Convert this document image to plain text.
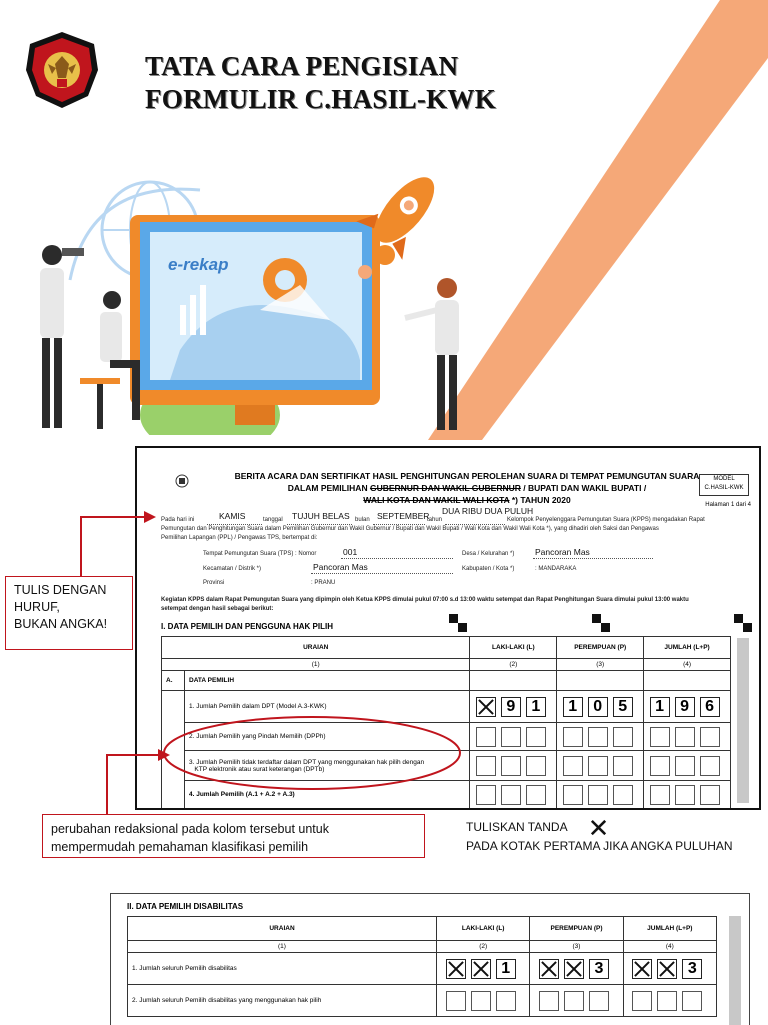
TATA CARA PENGISIAN
FORMULIR C.HASIL-KWK
e-rekap
BERITA ACARA DAN SERTIFIKAT HASIL PENGHITUNGAN PEROLEHAN SUARA DI TEMPAT PEMUNGUTAN SUARA
DALAM PEMILIHAN GUBERNUR DAN WAKIL GUBERNUR / BUPATI DAN WAKIL BUPATI /
WALI KOTA DAN WAKIL WALI KOTA *) TAHUN 2020
MODEL
C.HASIL-KWK
Halaman 1 dari 4
KAMIS	TUJUH BELAS	SEPTEMBER DUA RIBU DUA PULUH
Pada hari ini	tanggal	bulan	tahun	Kelompok Penyelenggara Pemungutan Suara (KPPS) mengadakan Rapat
Pemungutan dan Penghitungan Suara dalam Pemilihan Gubernur dan Wakil Gubernur / Bupati dan Wakil Bupati / Wali Kota dan Wakil Wali Kota *), yang dihadiri oleh Saksi dan Pengawas
Pemilihan Lapangan (PPL) / Pengawas TPS, bertempat di:
Tempat Pemungutan Suara (TPS) : Nomor	001	Desa / Kelurahan *) Pancoran Mas
Kecamatan / Distrik *)	Pancoran Mas	Kabupaten / Kota *)	: MANDARAKA
Provinsi	: PRANU
Kegiatan KPPS dalam Rapat Pemungutan Suara yang dipimpin oleh Ketua KPPS dimulai pukul 07:00 s.d 13:00 waktu setempat dan Rapat Penghitungan Suara dimulai pukul 13:00 waktu
setempat dengan hasil sebagai berikut:
I. DATA PEMILIH DAN PENGGUNA HAK PILIH
URAIAN		LAKI-LAKI (L)	PEREMPUAN (P)	JUMLAH (L+P)
(1)		(2)	(3)	(4)
A.	DATA PEMILIH			
	1. Jumlah Pemilih dalam DPT (Model A.3-KWK)	9 1	1 0 5	1 9 6
	2. Jumlah Pemilih yang Pindah Memilih (DPPh)			
	3. Jumlah Pemilih tidak terdaftar dalam DPT yang menggunakan hak pilih dengan
KTP elektronik atau surat keterangan (DPTb)			
	4. Jumlah Pemilih (A.1 + A.2 + A.3)			
TULIS DENGAN
HURUF,
BUKAN ANGKA!
perubahan redaksional pada kolom tersebut untuk
mempermudah pemahaman klasifikasi pemilih
TULISKAN TANDA ✕
PADA KOTAK PERTAMA JIKA ANGKA PULUHAN
II. DATA PEMILIH DISABILITAS
URAIAN	LAKI-LAKI (L)	PEREMPUAN (P)	JUMLAH (L+P)
(1)	(2)	(3)	(4)
1. Jumlah seluruh Pemilih disabilitas	1	3	3
2. Jumlah seluruh Pemilih disabilitas yang menggunakan hak pilih			
